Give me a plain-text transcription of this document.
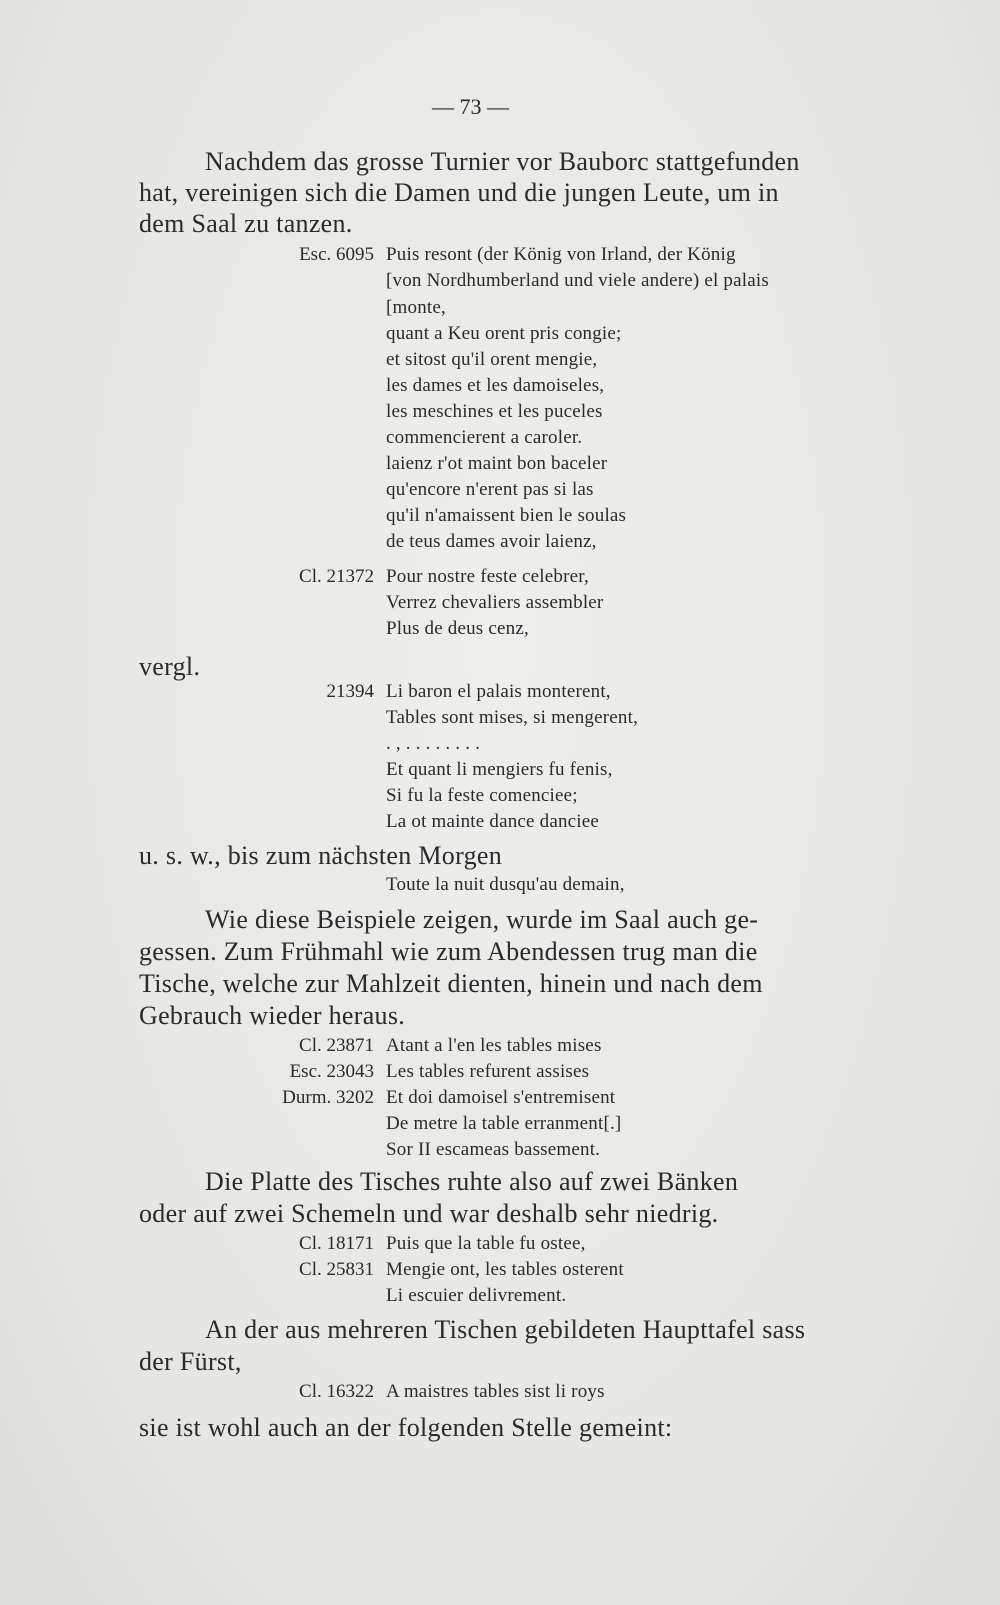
— 73 —
Nachdem das grosse Turnier vor Bauborc stattgefunden
hat, vereinigen sich die Damen und die jungen Leute, um in
dem Saal zu tanzen.
Esc. 6095 Puis resont (der König von Irland, der König
[von Nordhumberland und viele andere) el palais
[monte,
quant a Keu orent pris congie;
et sitost qu'il orent mengie,
les dames et les damoiseles,
les meschines et les puceles
commencierent a caroler.
laienz r'ot maint bon baceler
qu'encore n'erent pas si las
qu'il n'amaissent bien le soulas
de teus dames avoir laienz,
Cl. 21372 Pour nostre feste celebrer,
Verrez chevaliers assembler
Plus de deus cenz,
vergl.
21394 Li baron el palais monterent,
Tables sont mises, si mengerent,
. , . . . . . . . .
Et quant li mengiers fu fenis,
Si fu la feste comenciee;
La ot mainte dance danciee
u. s. w., bis zum nächsten Morgen
Toute la nuit dusqu'au demain,
Wie diese Beispiele zeigen, wurde im Saal auch ge-
gessen. Zum Frühmahl wie zum Abendessen trug man die
Tische, welche zur Mahlzeit dienten, hinein und nach dem
Gebrauch wieder heraus.
Cl. 23871 Atant a l'en les tables mises
Esc. 23043 Les tables refurent assises
Durm. 3202 Et doi damoisel s'entremisent
De metre la table erranment[.]
Sor II escameas bassement.
Die Platte des Tisches ruhte also auf zwei Bänken
oder auf zwei Schemeln und war deshalb sehr niedrig.
Cl. 18171 Puis que la table fu ostee,
Cl. 25831 Mengie ont, les tables osterent
Li escuier delivrement.
An der aus mehreren Tischen gebildeten Haupttafel sass
der Fürst,
Cl. 16322 A maistres tables sist li roys
sie ist wohl auch an der folgenden Stelle gemeint:
